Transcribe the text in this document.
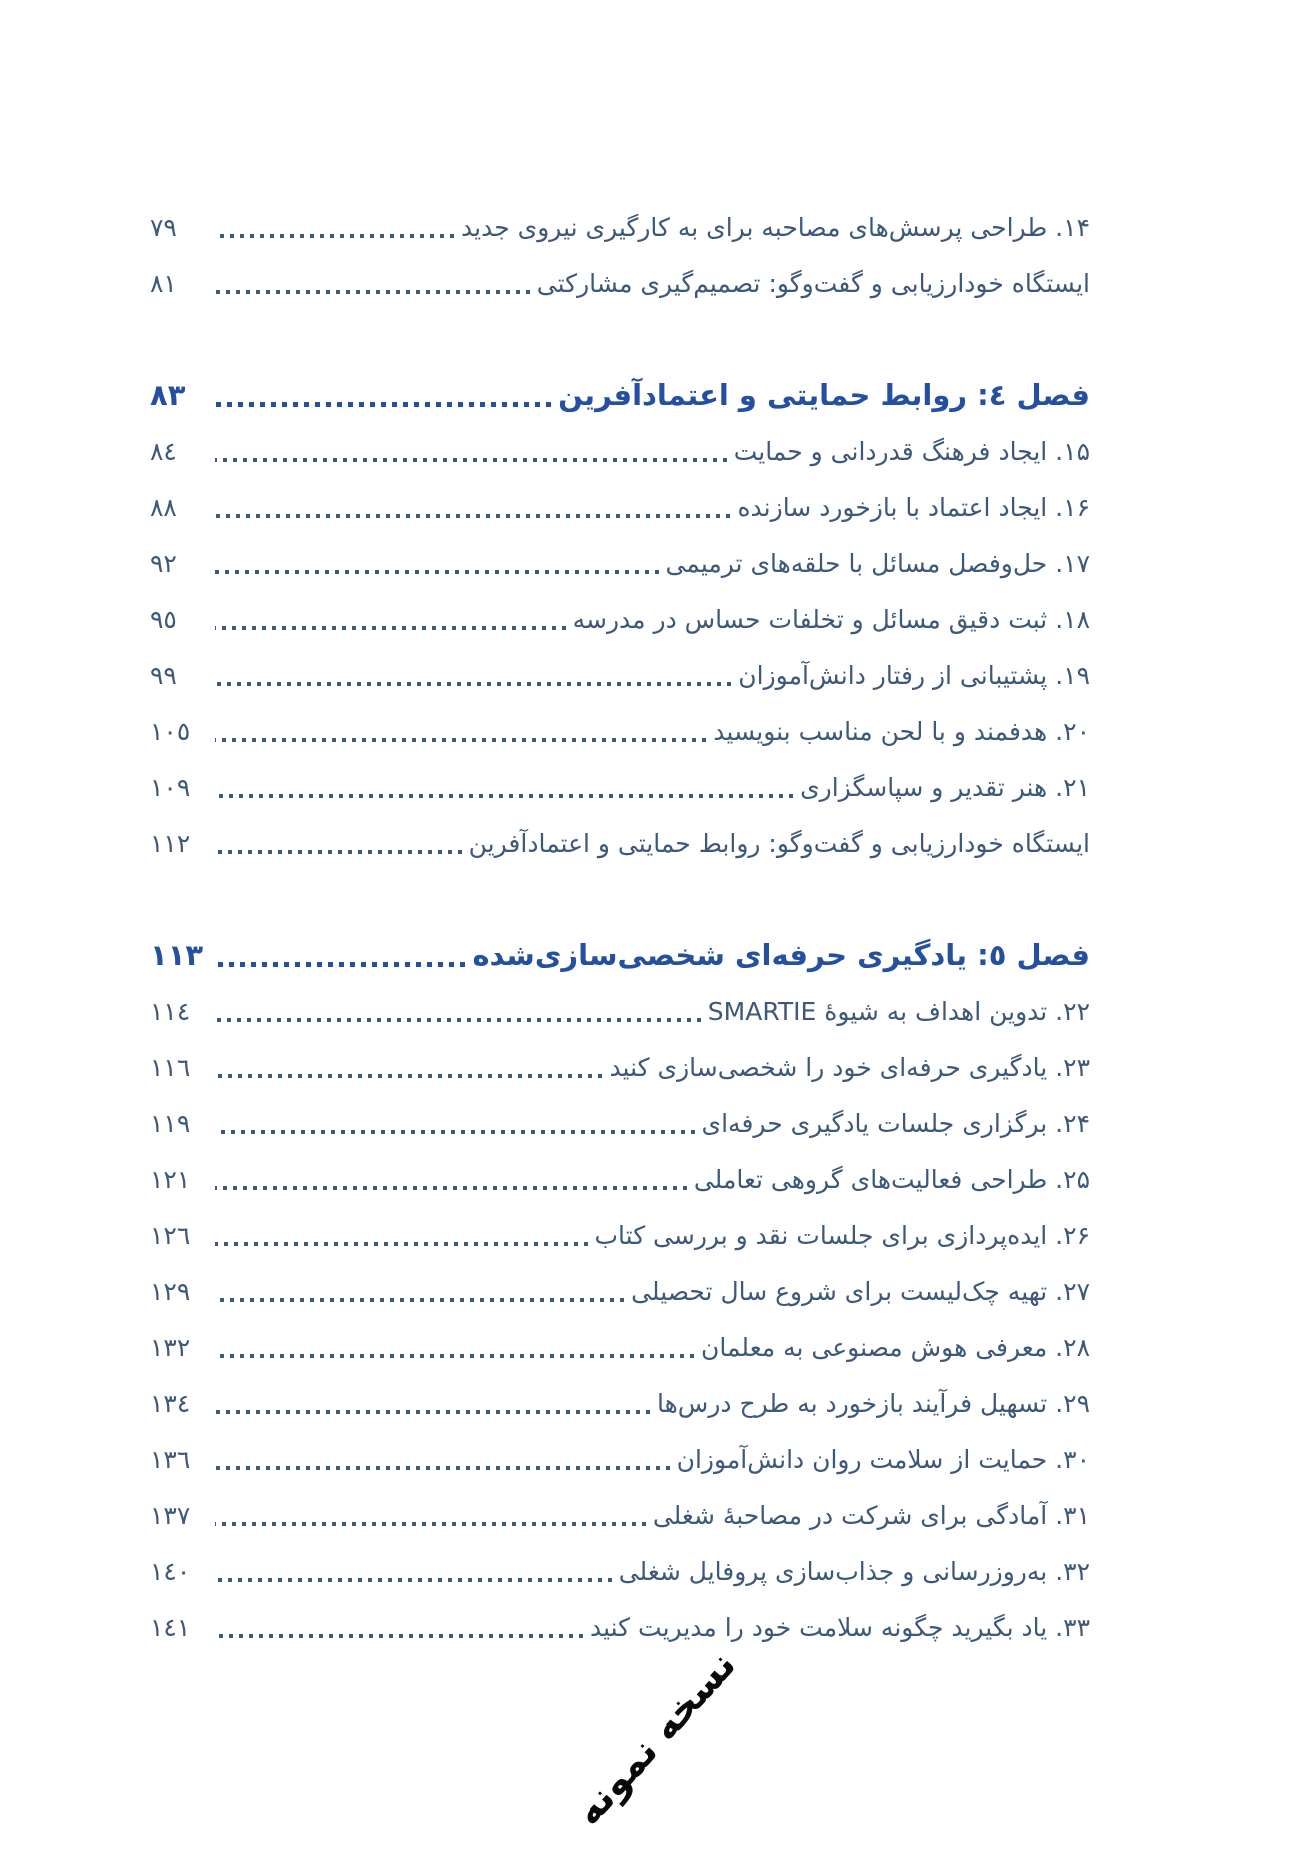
۱۴. طراحی پرسش‌های مصاحبه برای به کارگیری نیروی جدید
٧٩
ایستگاه خودارزیابی و گفت‌وگو: تصمیم‌گیری مشارکتی
٨١
فصل ٤: روابط حمایتی و اعتمادآفرین
٨٣
۱۵. ایجاد فرهنگ قدردانی و حمایت
٨٤
۱۶. ایجاد اعتماد با بازخورد سازنده
٨٨
۱۷. حل‌وفصل مسائل با حلقه‌های ترمیمی
٩٢
۱۸. ثبت دقیق مسائل و تخلفات حساس در مدرسه
٩٥
۱۹. پشتیبانی از رفتار دانش‌آموزان
٩٩
۲۰. هدفمند و با لحن مناسب بنویسید
١٠٥
۲۱. هنر تقدیر و سپاسگزاری
١٠٩
ایستگاه خودارزیابی و گفت‌وگو: روابط حمایتی و اعتمادآفرین
١١٢
فصل ٥: یادگیری حرفه‌ای شخصی‌سازی‌شده
١١٣
۲۲. تدوین اهداف به شیوۀ SMARTIE
١١٤
۲۳. یادگیری حرفه‌ای خود را شخصی‌سازی کنید
١١٦
۲۴. برگزاری جلسات یادگیری حرفه‌ای
١١٩
۲۵. طراحی فعالیت‌های گروهی تعاملی
١٢١
۲۶. ایده‌پردازی برای جلسات نقد و بررسی کتاب
١٢٦
۲۷. تهیه چک‌لیست برای شروع سال تحصیلی
١٢٩
۲۸. معرفی هوش مصنوعی به معلمان
١٣٢
۲۹. تسهیل فرآیند بازخورد به طرح درس‌ها
١٣٤
۳۰. حمایت از سلامت روان دانش‌آموزان
١٣٦
۳۱. آمادگی برای شرکت در مصاحبۀ شغلی
١٣٧
۳۲. به‌روزرسانی و جذاب‌سازی پروفایل شغلی
١٤٠
۳۳. یاد بگیرید چگونه سلامت خود را مدیریت کنید
١٤١
نسخه نمونه
